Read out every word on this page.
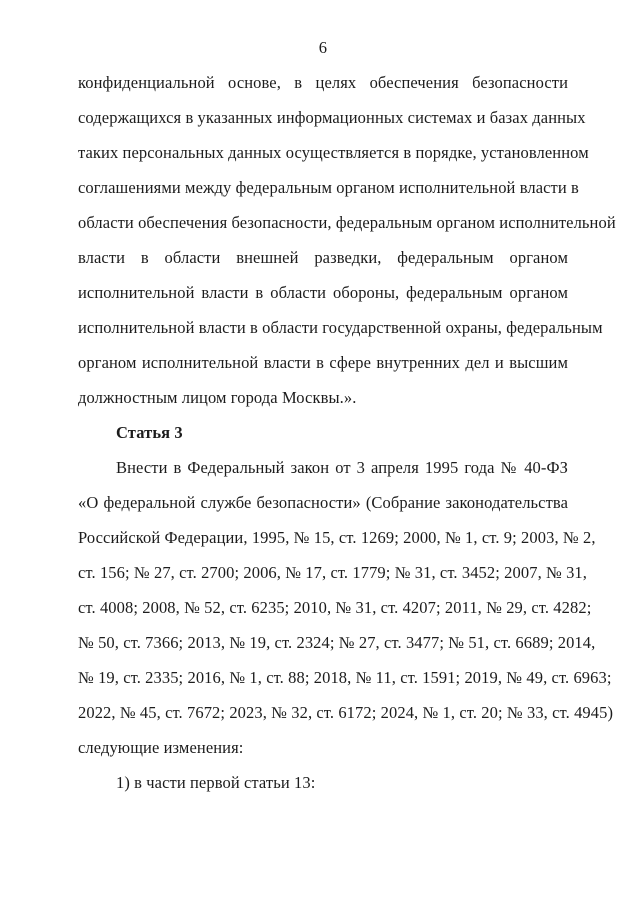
6

конфиденциальной основе, в целях обеспечения безопасности
содержащихся в указанных информационных системах и базах данных
таких персональных данных осуществляется в порядке, установленном
соглашениями между федеральным органом исполнительной власти в
области обеспечения безопасности, федеральным органом исполнительной
власти в области внешней разведки, федеральным органом
исполнительной власти в области обороны, федеральным органом
исполнительной власти в области государственной охраны, федеральным
органом исполнительной власти в сфере внутренних дел и высшим
должностным лицом города Москвы.».

Статья 3

Внести в Федеральный закон от 3 апреля 1995 года № 40-ФЗ
«О федеральной службе безопасности» (Собрание законодательства
Российской Федерации, 1995, № 15, ст. 1269; 2000, № 1, ст. 9; 2003, № 2,
ст. 156; № 27, ст. 2700; 2006, № 17, ст. 1779; № 31, ст. 3452; 2007, № 31,
ст. 4008; 2008, № 52, ст. 6235; 2010, № 31, ст. 4207; 2011, № 29, ст. 4282;
№ 50, ст. 7366; 2013, № 19, ст. 2324; № 27, ст. 3477; № 51, ст. 6689; 2014,
№ 19, ст. 2335; 2016, № 1, ст. 88; 2018, № 11, ст. 1591; 2019, № 49, ст. 6963;
2022, № 45, ст. 7672; 2023, № 32, ст. 6172; 2024, № 1, ст. 20; № 33, ст. 4945)
следующие изменения:

1) в части первой статьи 13:
